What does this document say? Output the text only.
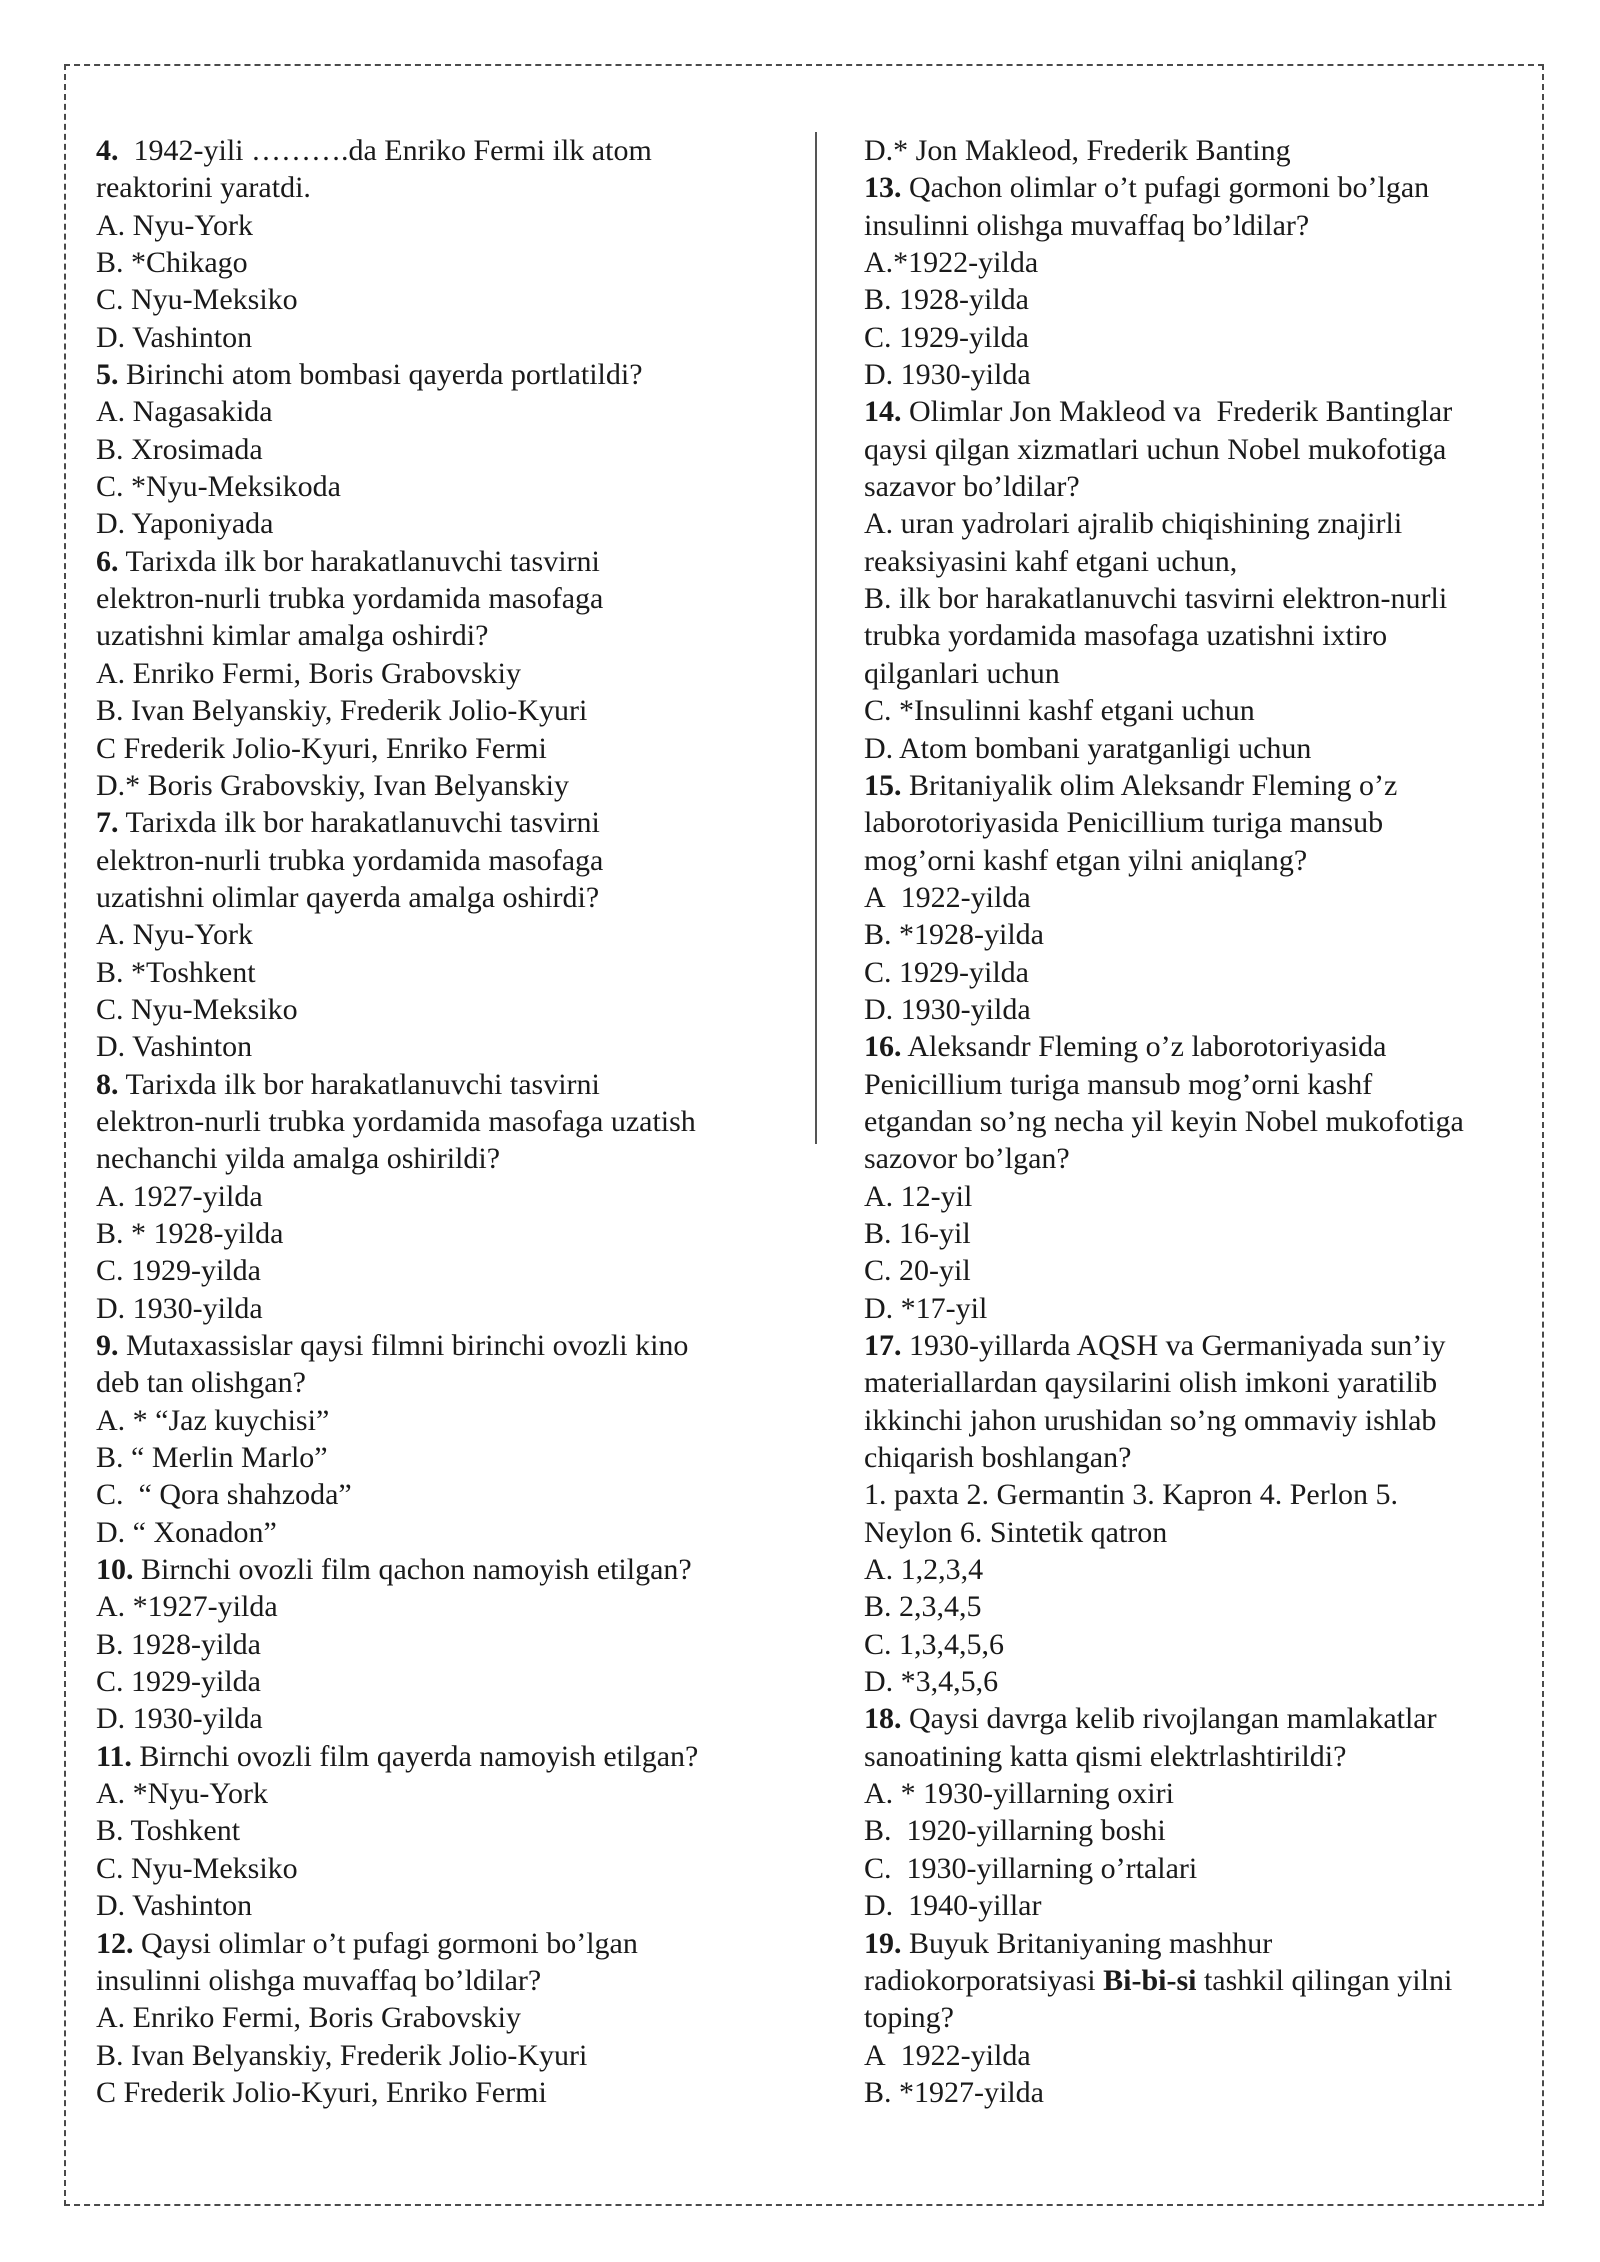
4.  1942-yili ……….da Enriko Fermi ilk atom
reaktorini yaratdi.
A. Nyu-York
B. *Chikago
C. Nyu-Meksiko
D. Vashinton
5. Birinchi atom bombasi qayerda portlatildi?
A. Nagasakida
B. Xrosimada
C. *Nyu-Meksikoda
D. Yaponiyada
6. Tarixda ilk bor harakatlanuvchi tasvirni
elektron-nurli trubka yordamida masofaga
uzatishni kimlar amalga oshirdi?
A. Enriko Fermi, Boris Grabovskiy
B. Ivan Belyanskiy, Frederik Jolio-Kyuri
C Frederik Jolio-Kyuri, Enriko Fermi
D.* Boris Grabovskiy, Ivan Belyanskiy
7. Tarixda ilk bor harakatlanuvchi tasvirni
elektron-nurli trubka yordamida masofaga
uzatishni olimlar qayerda amalga oshirdi?
A. Nyu-York
B. *Toshkent
C. Nyu-Meksiko
D. Vashinton
8. Tarixda ilk bor harakatlanuvchi tasvirni
elektron-nurli trubka yordamida masofaga uzatish
nechanchi yilda amalga oshirildi?
A. 1927-yilda
B. * 1928-yilda
C. 1929-yilda
D. 1930-yilda
9. Mutaxassislar qaysi filmni birinchi ovozli kino
deb tan olishgan?
A. * “Jaz kuychisi”
B. “ Merlin Marlo”
C.  “ Qora shahzoda”
D. “ Xonadon”
10. Birnchi ovozli film qachon namoyish etilgan?
A. *1927-yilda
B. 1928-yilda
C. 1929-yilda
D. 1930-yilda
11. Birnchi ovozli film qayerda namoyish etilgan?
A. *Nyu-York
B. Toshkent
C. Nyu-Meksiko
D. Vashinton
12. Qaysi olimlar o’t pufagi gormoni bo’lgan
insulinni olishga muvaffaq bo’ldilar?
A. Enriko Fermi, Boris Grabovskiy
B. Ivan Belyanskiy, Frederik Jolio-Kyuri
C Frederik Jolio-Kyuri, Enriko Fermi
D.* Jon Makleod, Frederik Banting
13. Qachon olimlar o’t pufagi gormoni bo’lgan
insulinni olishga muvaffaq bo’ldilar?
A.*1922-yilda
B. 1928-yilda
C. 1929-yilda
D. 1930-yilda
14. Olimlar Jon Makleod va  Frederik Bantinglar
qaysi qilgan xizmatlari uchun Nobel mukofotiga
sazavor bo’ldilar?
A. uran yadrolari ajralib chiqishining znajirli
reaksiyasini kahf etgani uchun,
B. ilk bor harakatlanuvchi tasvirni elektron-nurli
trubka yordamida masofaga uzatishni ixtiro
qilganlari uchun
C. *Insulinni kashf etgani uchun
D. Atom bombani yaratganligi uchun
15. Britaniyalik olim Aleksandr Fleming o’z
laborotoriyasida Penicillium turiga mansub
mog’orni kashf etgan yilni aniqlang?
A  1922-yilda
B. *1928-yilda
C. 1929-yilda
D. 1930-yilda
16. Aleksandr Fleming o’z laborotoriyasida
Penicillium turiga mansub mog’orni kashf
etgandan so’ng necha yil keyin Nobel mukofotiga
sazovor bo’lgan?
A. 12-yil
B. 16-yil
C. 20-yil
D. *17-yil
17. 1930-yillarda AQSH va Germaniyada sun’iy
materiallardan qaysilarini olish imkoni yaratilib
ikkinchi jahon urushidan so’ng ommaviy ishlab
chiqarish boshlangan?
1. paxta 2. Germantin 3. Kapron 4. Perlon 5.
Neylon 6. Sintetik qatron
A. 1,2,3,4
B. 2,3,4,5
C. 1,3,4,5,6
D. *3,4,5,6
18. Qaysi davrga kelib rivojlangan mamlakatlar
sanoatining katta qismi elektrlashtirildi?
A. * 1930-yillarning oxiri
B.  1920-yillarning boshi
C.  1930-yillarning o’rtalari
D.  1940-yillar
19. Buyuk Britaniyaning mashhur
radiokorporatsiyasi Bi-bi-si tashkil qilingan yilni
toping?
A  1922-yilda
B. *1927-yilda
